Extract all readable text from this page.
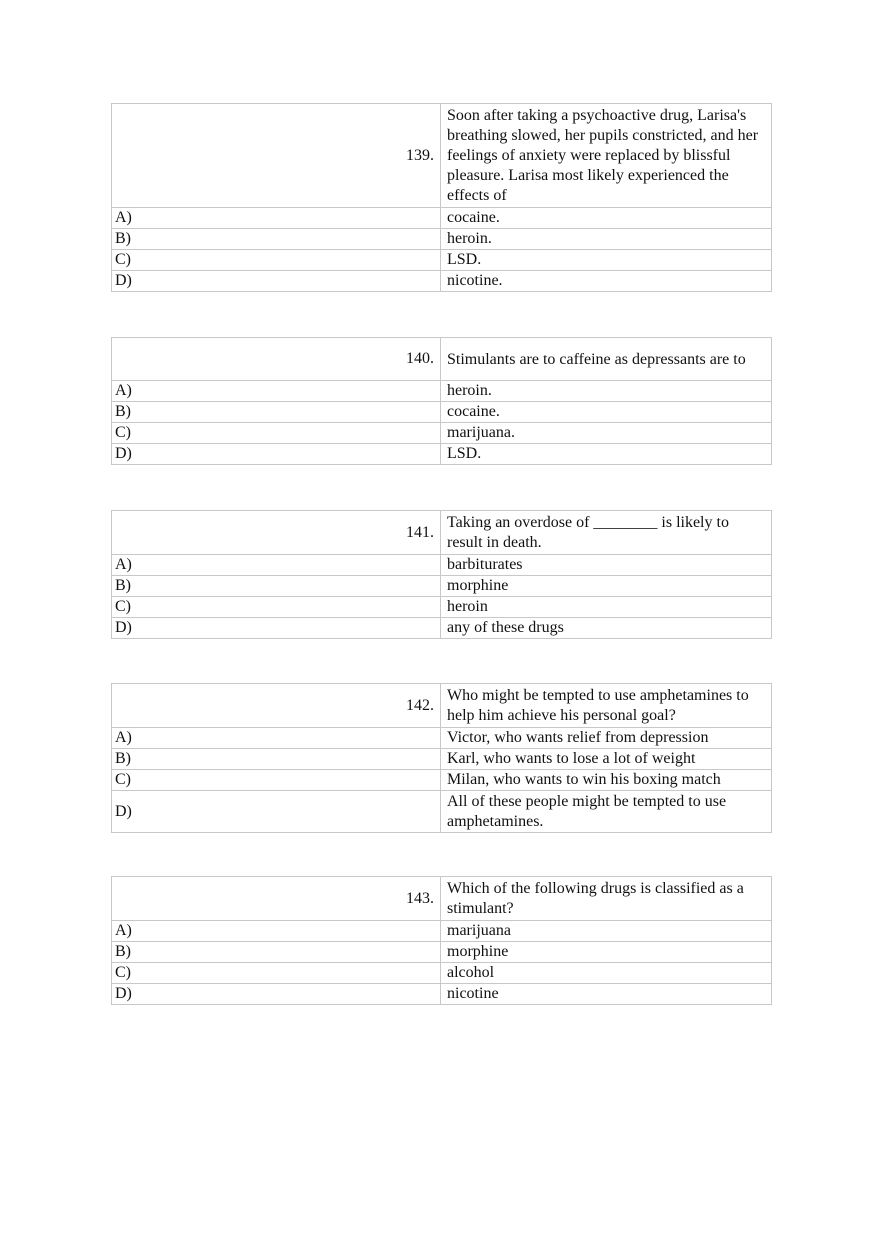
139.	Soon after taking a psychoactive drug, Larisa's breathing slowed, her pupils constricted, and her feelings of anxiety were replaced by blissful pleasure. Larisa most likely experienced the effects of
A)	cocaine.
B)	heroin.
C)	LSD.
D)	nicotine.
140.	Stimulants are to caffeine as depressants are to
A)	heroin.
B)	cocaine.
C)	marijuana.
D)	LSD.
141.	Taking an overdose of ________ is likely to result in death.
A)	barbiturates
B)	morphine
C)	heroin
D)	any of these drugs
142.	Who might be tempted to use amphetamines to help him achieve his personal goal?
A)	Victor, who wants relief from depression
B)	Karl, who wants to lose a lot of weight
C)	Milan, who wants to win his boxing match
D)	All of these people might be tempted to use amphetamines.
143.	Which of the following drugs is classified as a stimulant?
A)	marijuana
B)	morphine
C)	alcohol
D)	nicotine
